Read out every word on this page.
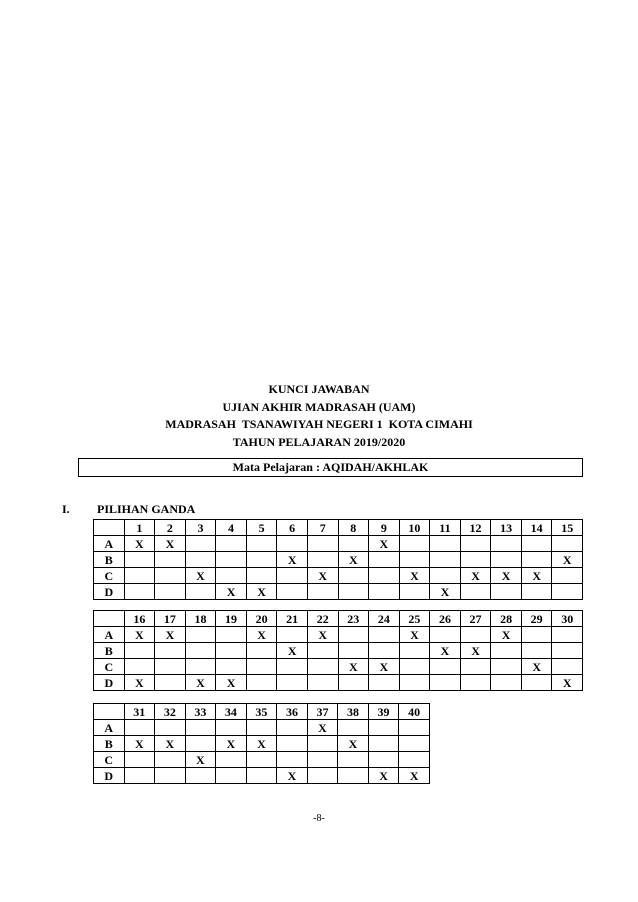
KUNCI JAWABAN
UJIAN AKHIR MADRASAH (UAM)
MADRASAH  TSANAWIYAH NEGERI 1  KOTA CIMAHI
TAHUN PELAJARAN 2019/2020
Mata Pelajaran : AQIDAH/AKHLAK
I. PILIHAN GANDA
	1	2	3	4	5	6	7	8	9	10	11	12	13	14	15
A	X	X							X						
B						X		X							X
C			X				X			X		X	X	X	
D				X	X						X				
	16	17	18	19	20	21	22	23	24	25	26	27	28	29	30
A	X	X			X		X			X			X		
B						X					X	X			
C								X	X					X	
D	X		X	X											X
	31	32	33	34	35	36	37	38	39	40
A							X			
B	X	X		X	X			X		
C			X							
D						X			X	X
-8-
